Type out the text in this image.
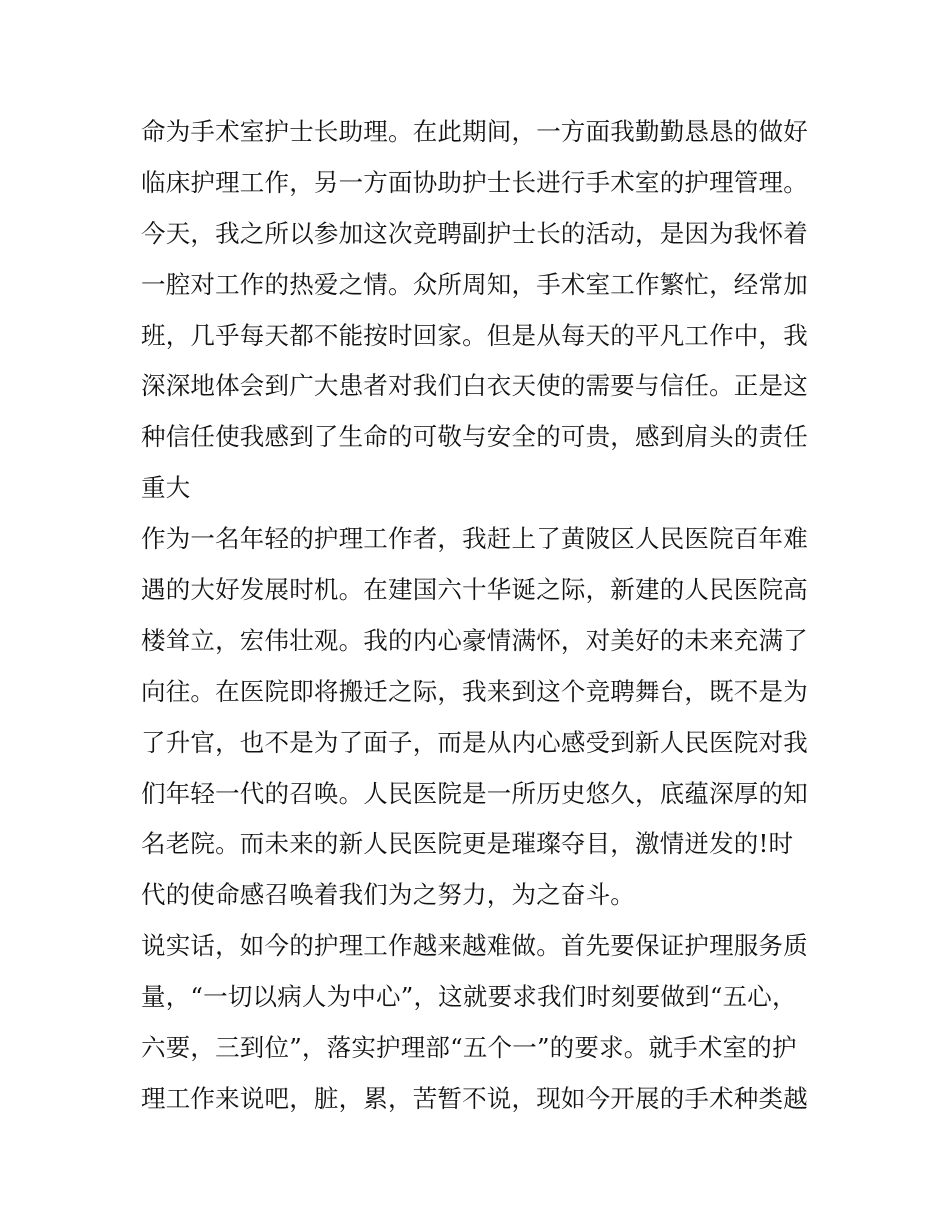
命为手术室护士长助理。在此期间，一方面我勤勤恳恳的做好
临床护理工作，另一方面协助护士长进行手术室的护理管理。
今天，我之所以参加这次竞聘副护士长的活动，是因为我怀着
一腔对工作的热爱之情。众所周知，手术室工作繁忙，经常加
班，几乎每天都不能按时回家。但是从每天的平凡工作中，我
深深地体会到广大患者对我们白衣天使的需要与信任。正是这
种信任使我感到了生命的可敬与安全的可贵，感到肩头的责任
重大
作为一名年轻的护理工作者，我赶上了黄陂区人民医院百年难
遇的大好发展时机。在建国六十华诞之际，新建的人民医院高
楼耸立，宏伟壮观。我的内心豪情满怀，对美好的未来充满了
向往。在医院即将搬迁之际，我来到这个竞聘舞台，既不是为
了升官，也不是为了面子，而是从内心感受到新人民医院对我
们年轻一代的召唤。人民医院是一所历史悠久，底蕴深厚的知
名老院。而未来的新人民医院更是璀璨夺目，激情迸发的!时
代的使命感召唤着我们为之努力，为之奋斗。
说实话，如今的护理工作越来越难做。首先要保证护理服务质
量，“一切以病人为中心”，这就要求我们时刻要做到“五心，
六要，三到位”，落实护理部“五个一”的要求。就手术室的护
理工作来说吧，脏，累，苦暂不说，现如今开展的手术种类越
